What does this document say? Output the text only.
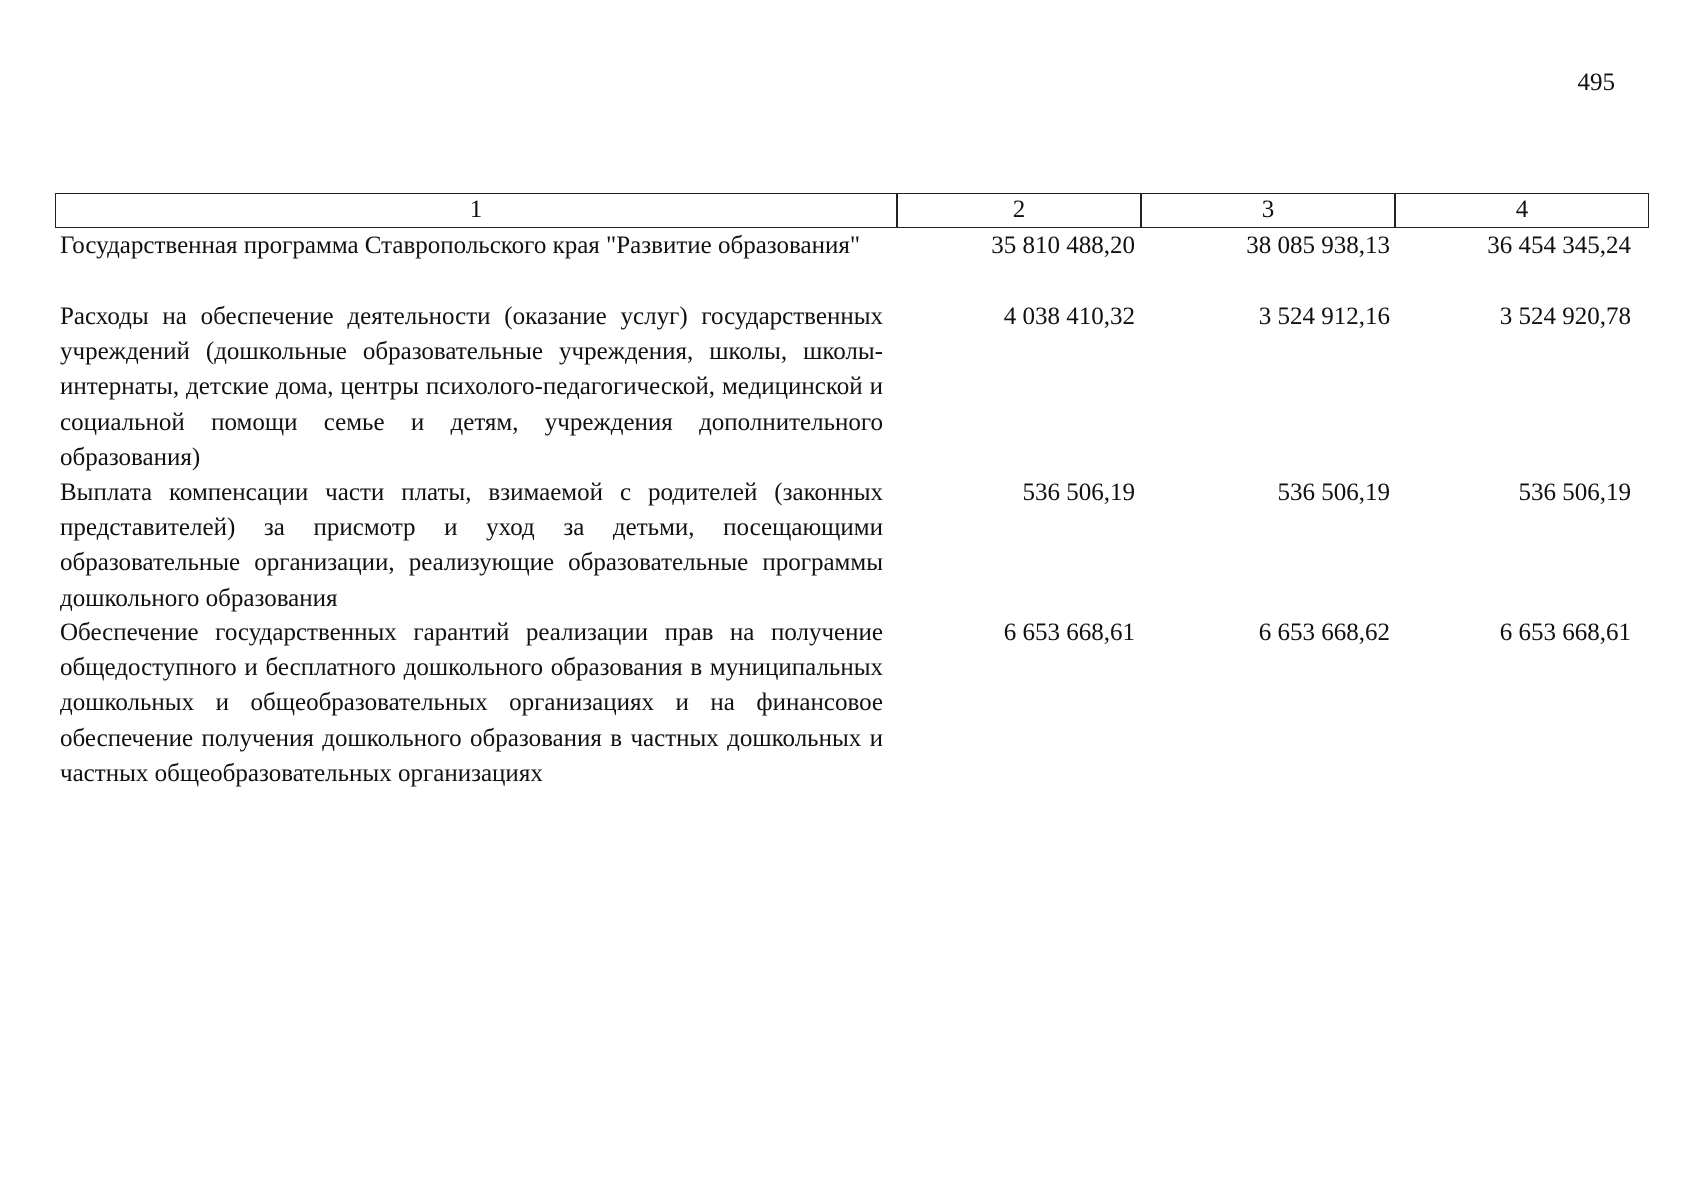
495
1	2	3	4
Государственная программа Ставропольского края "Развитие образования"	35 810 488,20	38 085 938,13	36 454 345,24
Расходы на обеспечение деятельности (оказание услуг) государственных учреждений (дошкольные образовательные учреждения, школы, школы-интернаты, детские дома, центры психолого-педагогической, медицинской и социальной помощи семье и детям, учреждения дополнительного образования)
4 038 410,32	3 524 912,16	3 524 920,78
Выплата компенсации части платы, взимаемой с родителей (законных представителей) за присмотр и уход за детьми, посещающими образовательные организации, реализующие образовательные программы дошкольного образования
536 506,19	536 506,19	536 506,19
Обеспечение государственных гарантий реализации прав на получение общедоступного и бесплатного дошкольного образования в муниципальных дошкольных и общеобразовательных организациях и на финансовое обеспечение получения дошкольного образования в частных дошкольных и частных общеобразовательных организациях
6 653 668,61	6 653 668,62	6 653 668,61
